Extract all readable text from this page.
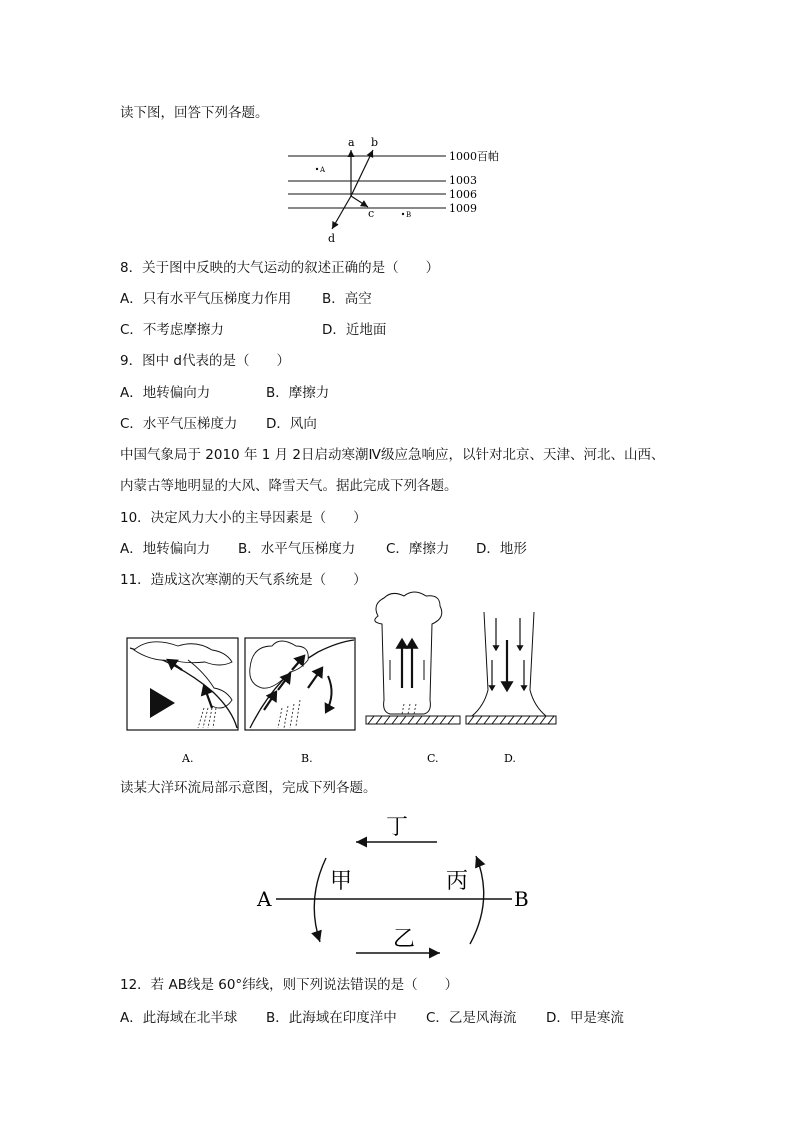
读下图，回答下列各题。
a b
c
d
A
B
1000百帕
1003
1006
1009
8．关于图中反映的大气运动的叙述正确的是（　　）
A．只有水平气压梯度力作用 B．高空
C．不考虑摩擦力	D．近地面
9．图中 d代表的是（　　）
A．地转偏向力	B．摩擦力
C．水平气压梯度力 D．风向
中国气象局于 2010 年 1 月 2日启动寒潮Ⅳ级应急响应，以针对北京、天津、河北、山西、
内蒙古等地明显的大风、降雪天气。据此完成下列各题。
10．决定风力大小的主导因素是（　　）
A．地转偏向力 B．水平气压梯度力 C．摩擦力 D．地形
11．造成这次寒潮的天气系统是（　　）
A.	B.	C.	D.
读某大洋环流局部示意图，完成下列各题。
丁
甲	丙
乙
A	B
12．若 AB线是 60°纬线，则下列说法错误的是（　　）
A．此海域在北半球 B．此海域在印度洋中 C．乙是风海流 D．甲是寒流
